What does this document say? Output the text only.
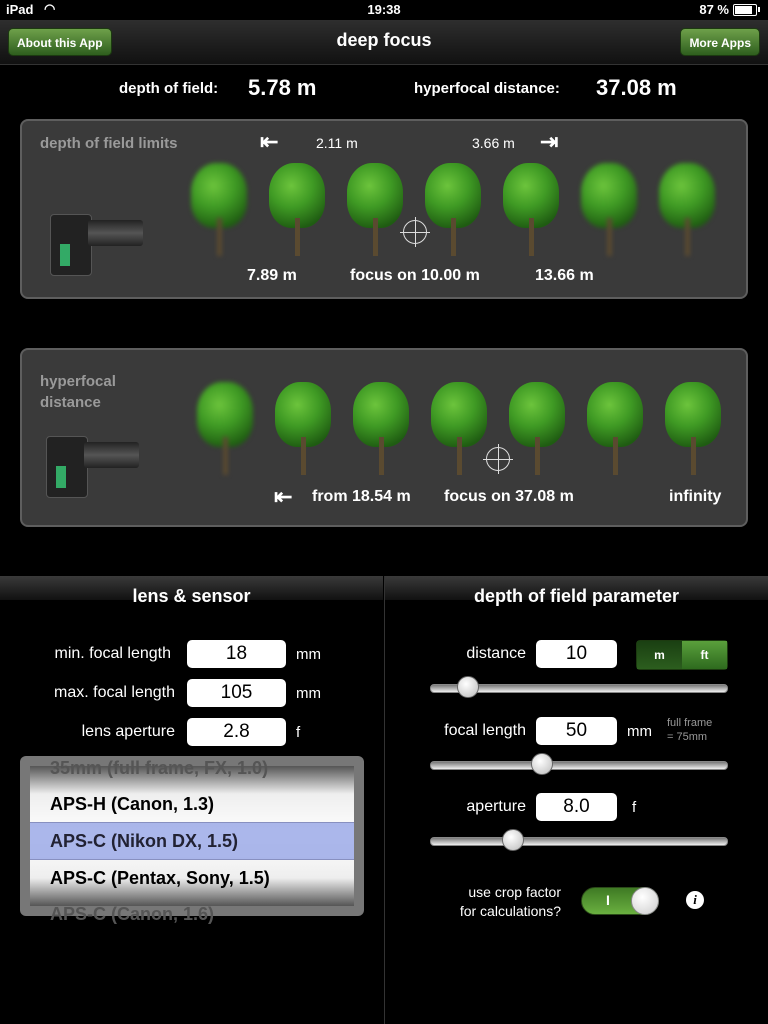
iPad ◠	19:38	87 %
About this App	deep focus	More Apps
depth of field: 5.78 m	hyperfocal distance: 37.08 m
depth of field limits	⇤	2.11 m	3.66 m ⇥
7.89 m	focus on 10.00 m	13.66 m
hyperfocal
distance
⇤ from 18.54 m focus on 37.08 m	infinity
lens & sensor	depth of field parameter
min. focal length	18	mm
max. focal length	105	mm
lens aperture	2.8	f
35mm (full frame, FX, 1.0)
APS-H (Canon, 1.3)
APS-C (Nikon DX, 1.5)
APS-C (Pentax, Sony, 1.5)
APS-C (Canon, 1.6)
distance	10	m	ft
focal length	50	mm full frame
= 75mm
aperture	8.0	f
use crop factor
for calculations?
I	i
